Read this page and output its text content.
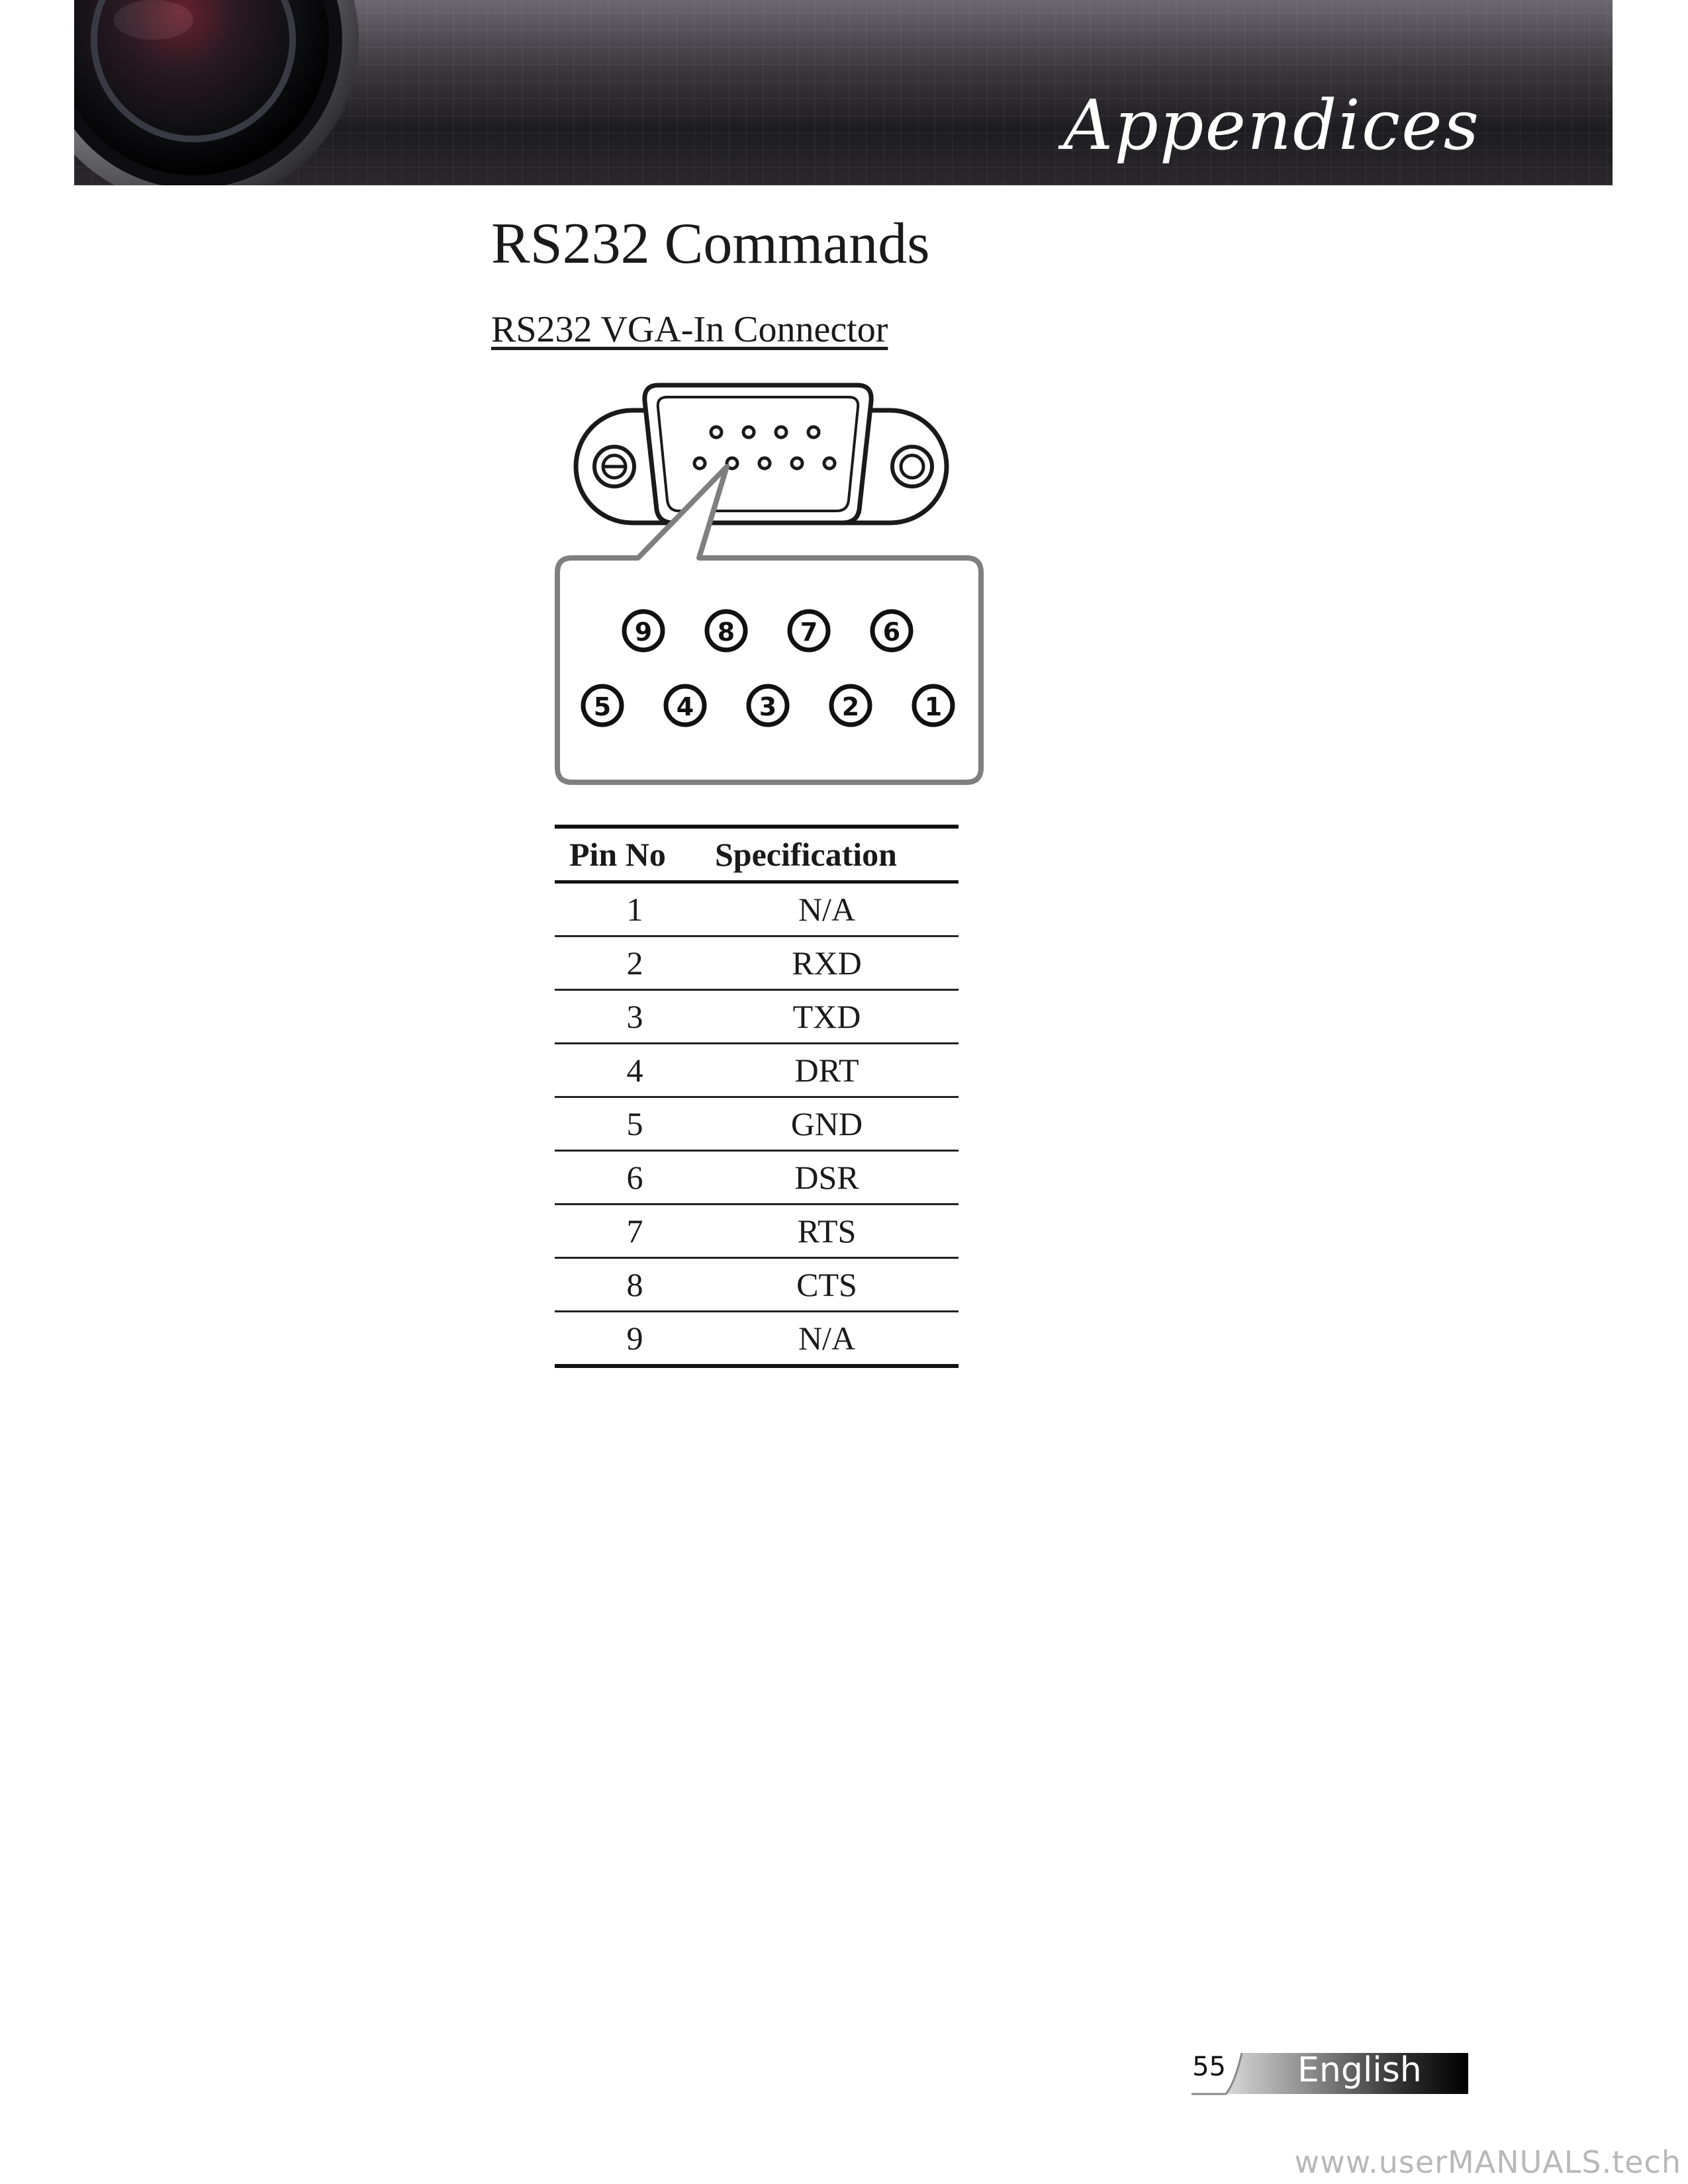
Appendices
RS232 Commands
RS232 VGA-In Connector
9	8	7	6
5	4	3	2	1
Pin No	Specification
1	N/A
2	RXD
3	TXD
4	DRT
5	GND
6	DSR
7	RTS
8	CTS
9	N/A
55 English
www.userMANUALS.tech
